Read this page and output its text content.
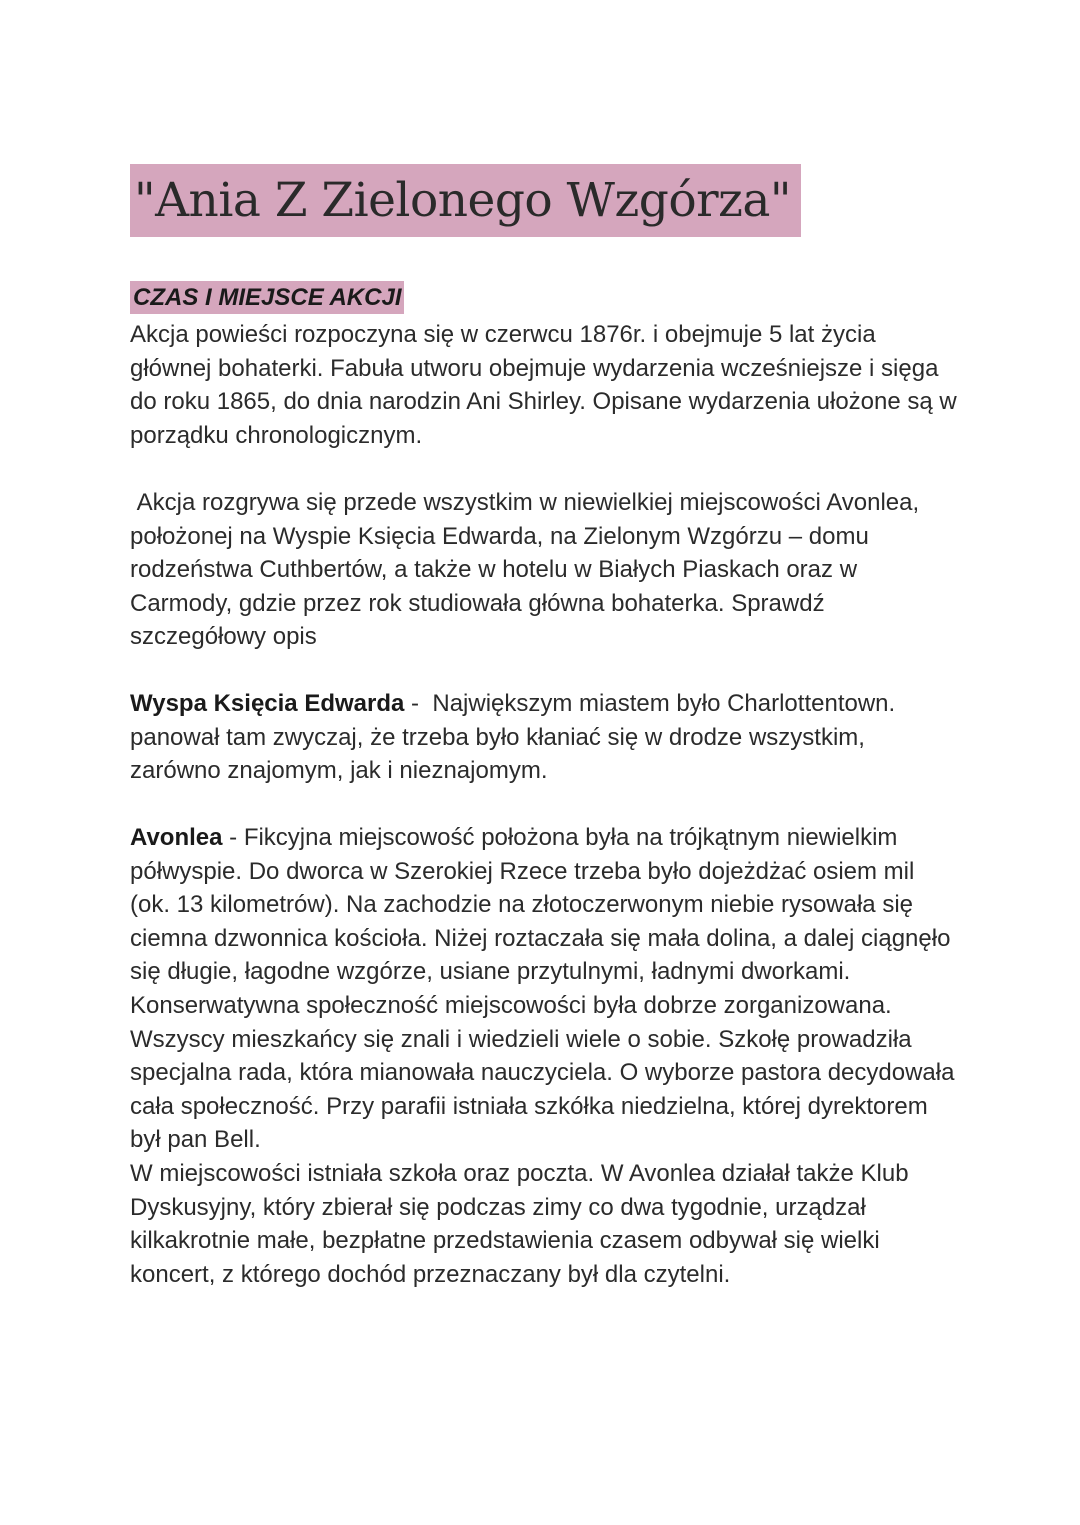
"Ania Z Zielonego Wzgórza"
CZAS I MIEJSCE AKCJI

Akcja powieści rozpoczyna się w czerwcu 1876r. i obejmuje 5 lat życia głównej bohaterki. Fabuła utworu obejmuje wydarzenia wcześniejsze i sięga do roku 1865, do dnia narodzin Ani Shirley. Opisane wydarzenia ułożone są w porządku chronologicznym.

Akcja rozgrywa się przede wszystkim w niewielkiej miejscowości Avonlea, położonej na Wyspie Księcia Edwarda, na Zielonym Wzgórzu – domu rodzeństwa Cuthbertów, a także w hotelu w Białych Piaskach oraz w Carmody, gdzie przez rok studiowała główna bohaterka. Sprawdź szczegółowy opis

Wyspa Księcia Edwarda -  Największym miastem było Charlottentown. panował tam zwyczaj, że trzeba było kłaniać się w drodze wszystkim, zarówno znajomym, jak i nieznajomym.

Avonlea - Fikcyjna miejscowość położona była na trójkątnym niewielkim półwyspie. Do dworca w Szerokiej Rzece trzeba było dojeżdżać osiem mil (ok. 13 kilometrów). Na zachodzie na złotoczerwonym niebie rysowała się ciemna dzwonnica kościoła. Niżej roztaczała się mała dolina, a dalej ciągnęło się długie, łagodne wzgórze, usiane przytulnymi, ładnymi dworkami.

Konserwatywna społeczność miejscowości była dobrze zorganizowana. Wszyscy mieszkańcy się znali i wiedzieli wiele o sobie. Szkołę prowadziła specjalna rada, która mianowała nauczyciela. O wyborze pastora decydowała cała społeczność. Przy parafii istniała szkółka niedzielna, której dyrektorem był pan Bell.

W miejscowości istniała szkoła oraz poczta. W Avonlea działał także Klub Dyskusyjny, który zbierał się podczas zimy co dwa tygodnie, urządzał kilkakrotnie małe, bezpłatne przedstawienia czasem odbywał się wielki koncert, z którego dochód przeznaczany był dla czytelni.
